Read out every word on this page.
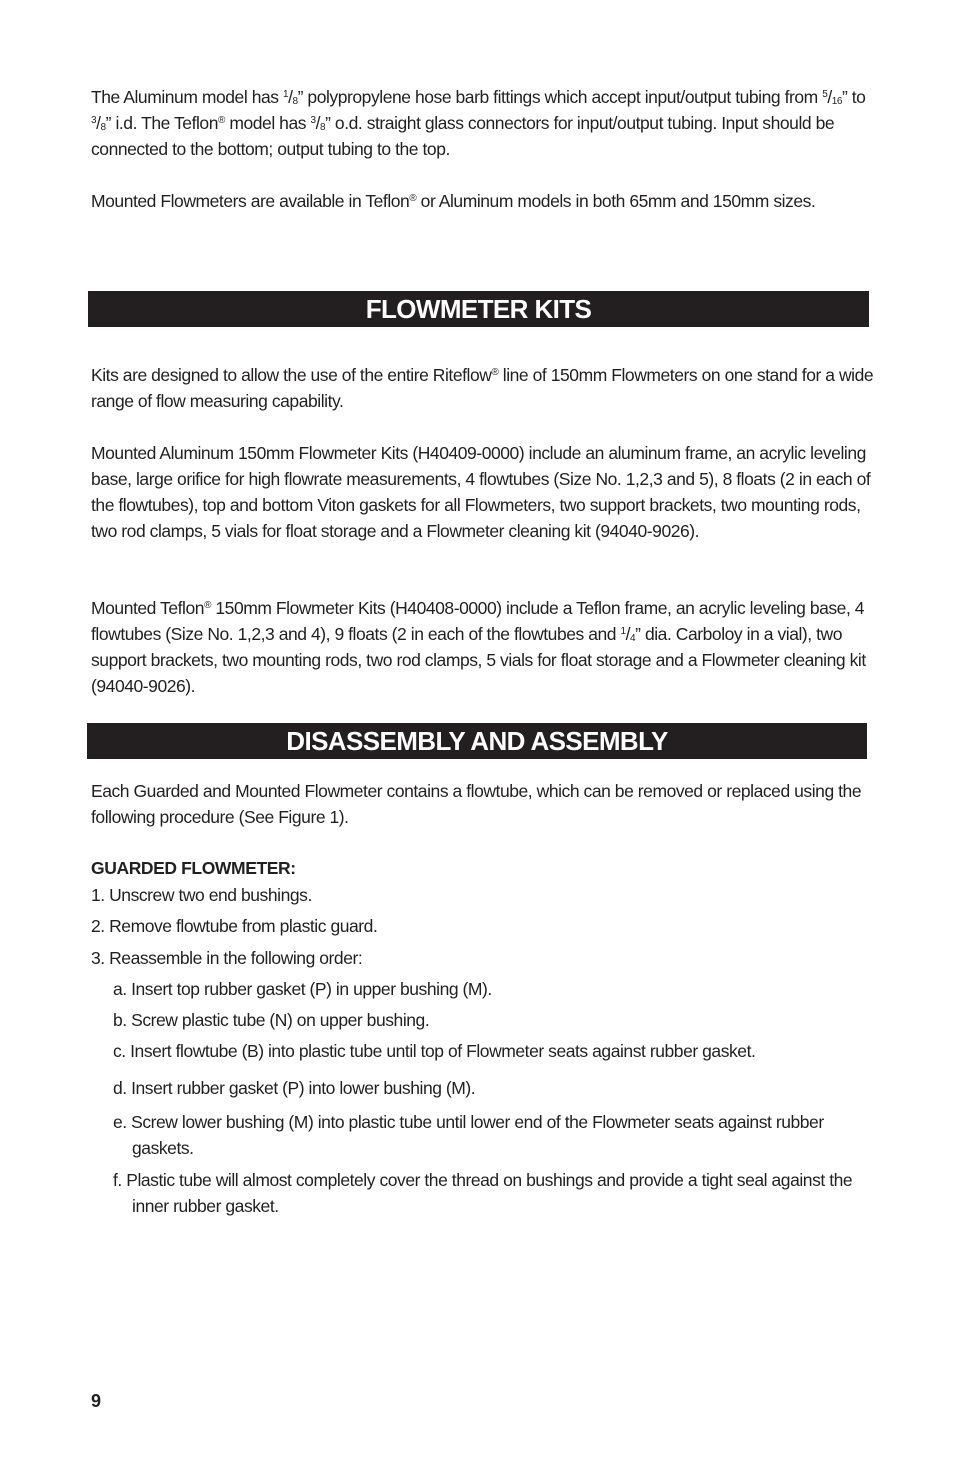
The Aluminum model has $^1/_8$” polypropylene hose barb fittings which accept input/output tubing from $^5/_{16}$” to $^3/_8$” i.d. The Teflon® model has $^3/_8$” o.d. straight glass connectors for input/output tubing. Input should be connected to the bottom; output tubing to the top.

Mounted Flowmeters are available in Teflon® or Aluminum models in both 65mm and 150mm sizes.

FLOWMETER KITS

Kits are designed to allow the use of the entire Riteflow® line of 150mm Flowmeters on one stand for a wide range of flow measuring capability.

Mounted Aluminum 150mm Flowmeter Kits (H40409-0000) include an aluminum frame, an acrylic leveling base, large orifice for high flowrate measurements, 4 flowtubes (Size No. 1,2,3 and 5), 8 floats (2 in each of the flowtubes), top and bottom Viton gaskets for all Flowmeters, two support brackets, two mounting rods, two rod clamps, 5 vials for float storage and a Flowmeter cleaning kit (94040-9026).

Mounted Teflon® 150mm Flowmeter Kits (H40408-0000) include a Teflon frame, an acrylic leveling base, 4 flowtubes (Size No. 1,2,3 and 4), 9 floats (2 in each of the flowtubes and $^1/_4$” dia. Carboloy in a vial), two support brackets, two mounting rods, two rod clamps, 5 vials for float storage and a Flowmeter cleaning kit (94040-9026).

DISASSEMBLY AND ASSEMBLY

Each Guarded and Mounted Flowmeter contains a flowtube, which can be removed or replaced using the following procedure (See Figure 1).

GUARDED FLOWMETER:
1. Unscrew two end bushings.
2. Remove flowtube from plastic guard.
3. Reassemble in the following order:
a. Insert top rubber gasket (P) in upper bushing (M).
b. Screw plastic tube (N) on upper bushing.
c. Insert flowtube (B) into plastic tube until top of Flowmeter seats against rubber gasket.
d. Insert rubber gasket (P) into lower bushing (M).
e. Screw lower bushing (M) into plastic tube until lower end of the Flowmeter seats against rubber gaskets.
f. Plastic tube will almost completely cover the thread on bushings and provide a tight seal against the inner rubber gasket.
9
